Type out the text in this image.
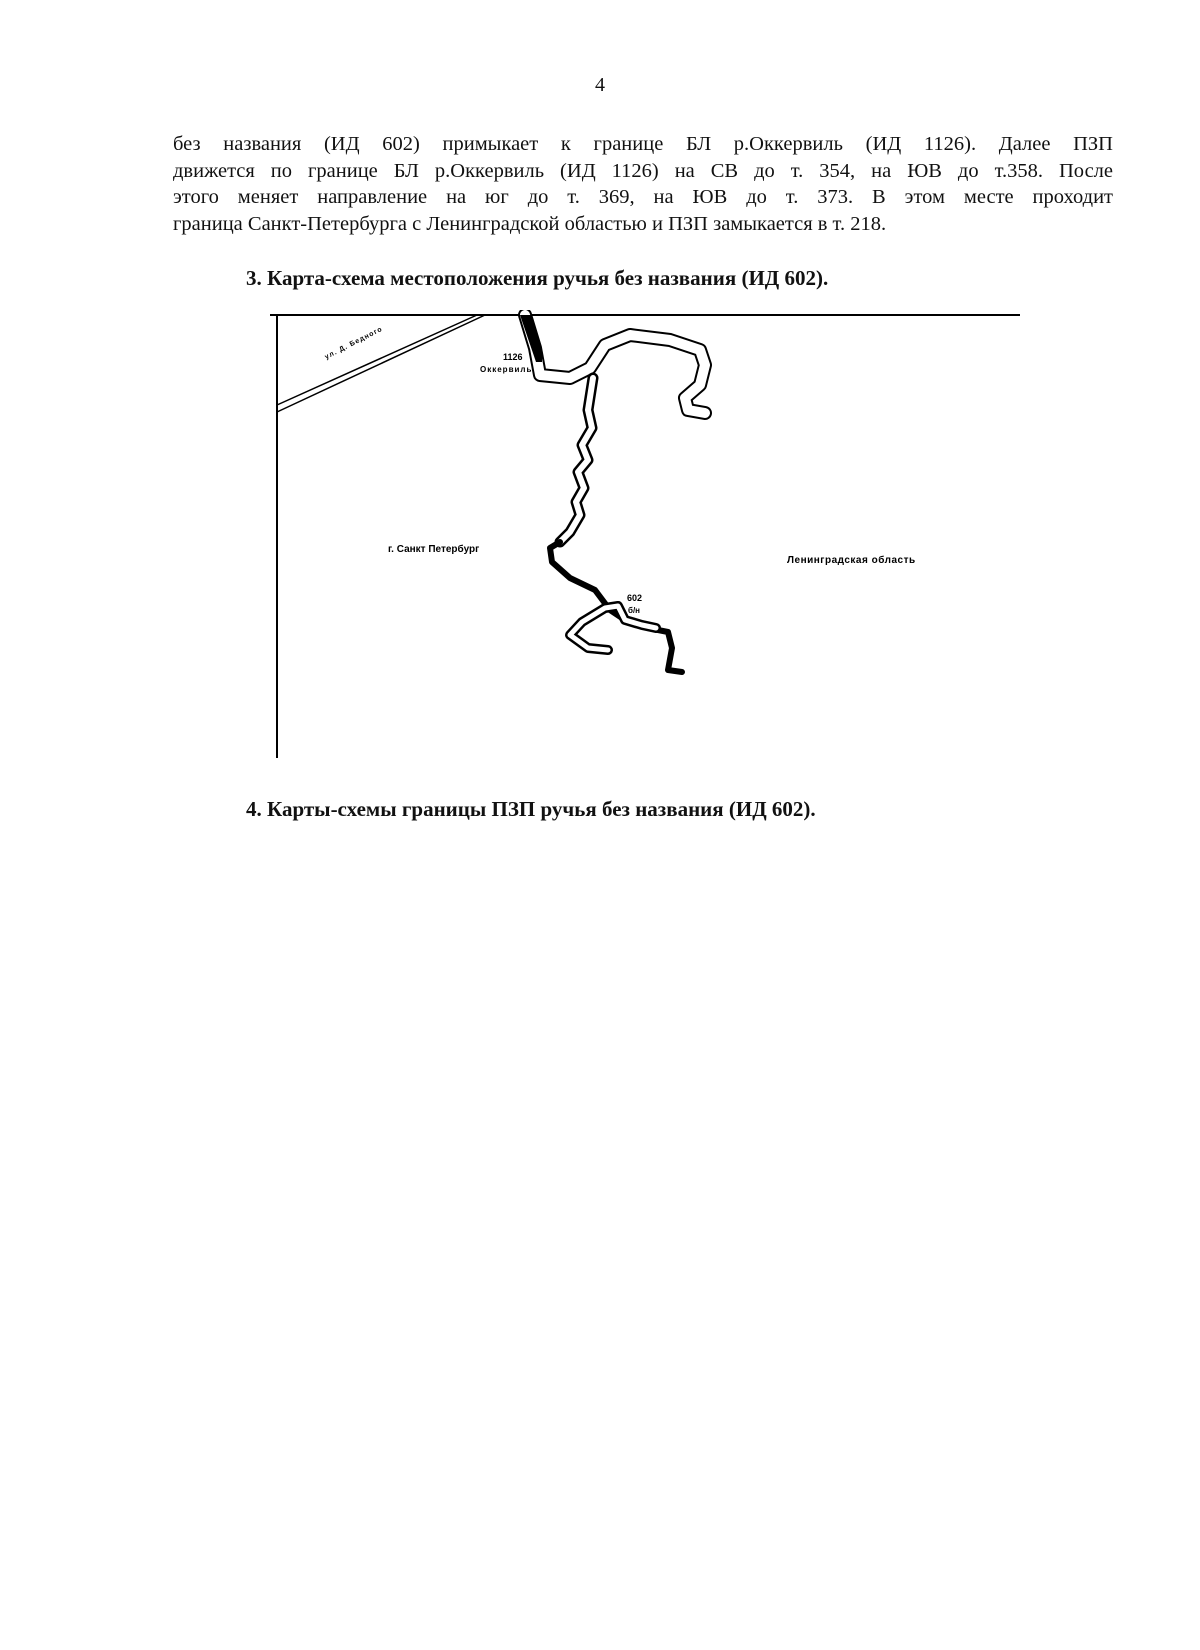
4
без названия (ИД 602) примыкает к границе БЛ р.Оккервиль (ИД 1126). Далее ПЗП
движется по границе БЛ р.Оккервиль (ИД 1126) на СВ до т. 354, на ЮВ до т.358. После
этого меняет направление на юг до т. 369, на ЮВ до т. 373. В этом месте проходит
граница Санкт-Петербурга с Ленинградской областью и ПЗП замыкается в т. 218.
3. Карта-схема местоположения ручья без названия (ИД 602).
1126
Оккервиль
ул. Д. Бедного
г. Санкт Петербург
Ленинградская область
602
б/н
4. Карты-схемы границы ПЗП ручья без названия (ИД 602).
